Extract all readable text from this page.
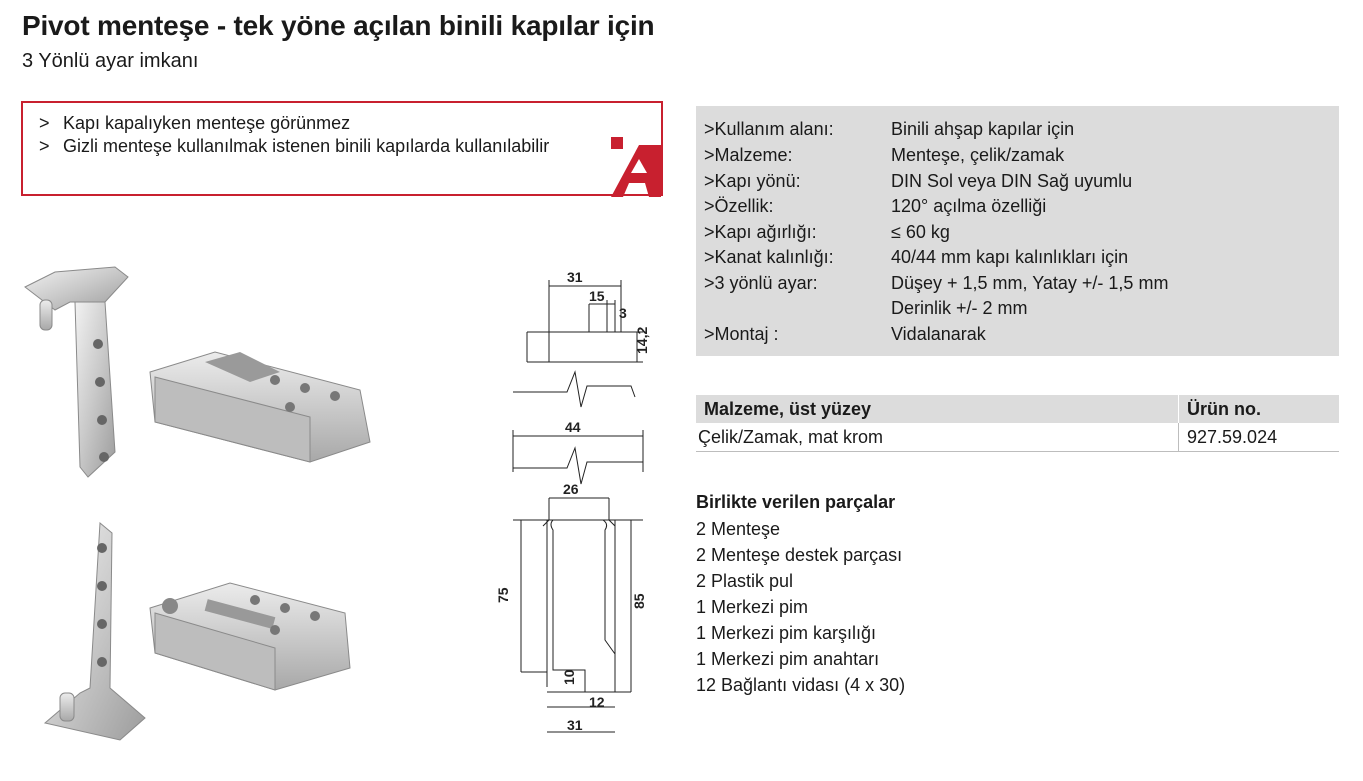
Pivot menteşe - tek yöne açılan binili kapılar için
3 Yönlü ayar imkanı
> Kapı kapalıyken menteşe görünmez
> Gizli menteşe kullanılmak istenen binili kapılarda kullanılabilir
31
15
3
14,2
44
26
75	85
10
12
31
>Kullanım alanı:	Binili ahşap kapılar için
>Malzeme:	Menteşe, çelik/zamak
>Kapı yönü:	DIN Sol veya DIN Sağ uyumlu
>Özellik:	120° açılma özelliği
>Kapı ağırlığı:	≤ 60 kg
>Kanat kalınlığı:	40/44 mm kapı kalınlıkları için
>3 yönlü ayar:	Düşey + 1,5 mm, Yatay +/- 1,5 mm
Derinlik +/- 2 mm
>Montaj :	Vidalanarak
Malzeme, üst yüzey	Ürün no.
Çelik/Zamak, mat krom	927.59.024
Birlikte verilen parçalar
2 Menteşe
2 Menteşe destek parçası
2 Plastik pul
1 Merkezi pim
1 Merkezi pim karşılığı
1 Merkezi pim anahtarı
12 Bağlantı vidası (4 x 30)
